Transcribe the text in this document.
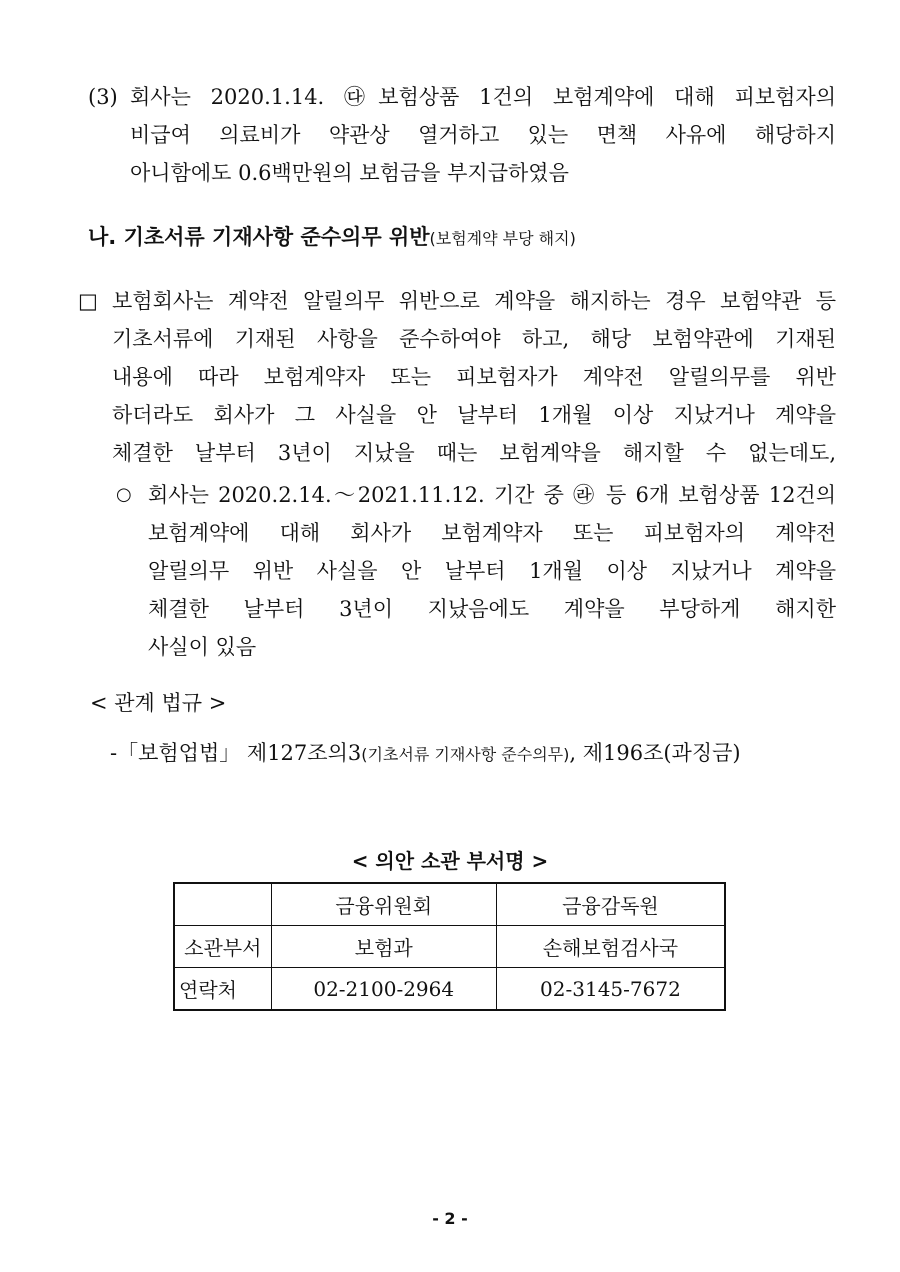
(3) 회사는 2020.1.14. ㉰보험상품 1건의 보험계약에 대해 피보험자의
비급여 의료비가 약관상 열거하고 있는 면책 사유에 해당하지
아니함에도 0.6백만원의 보험금을 부지급하였음
나. 기초서류 기재사항 준수의무 위반(보험계약 부당 해지)
□ 보험회사는 계약전 알릴의무 위반으로 계약을 해지하는 경우 보험약관 등
기초서류에 기재된 사항을 준수하여야 하고, 해당 보험약관에 기재된
내용에 따라 보험계약자 또는 피보험자가 계약전 알릴의무를 위반
하더라도 회사가 그 사실을 안 날부터 1개월 이상 지났거나 계약을
체결한 날부터 3년이 지났을 때는 보험계약을 해지할 수 없는데도,
○ 회사는 2020.2.14.～2021.11.12. 기간 중 ㉱ 등 6개 보험상품 12건의
보험계약에 대해 회사가 보험계약자 또는 피보험자의 계약전
알릴의무 위반 사실을 안 날부터 1개월 이상 지났거나 계약을
체결한 날부터 3년이 지났음에도 계약을 부당하게 해지한
사실이 있음
< 관계 법규 >
-「보험업법」 제127조의3(기초서류 기재사항 준수의무), 제196조(과징금)
< 의안 소관 부서명 >
	금융위원회	금융감독원
소관부서	보험과	손해보험검사국
연락처	02-2100-2964	02-3145-7672
- 2 -
